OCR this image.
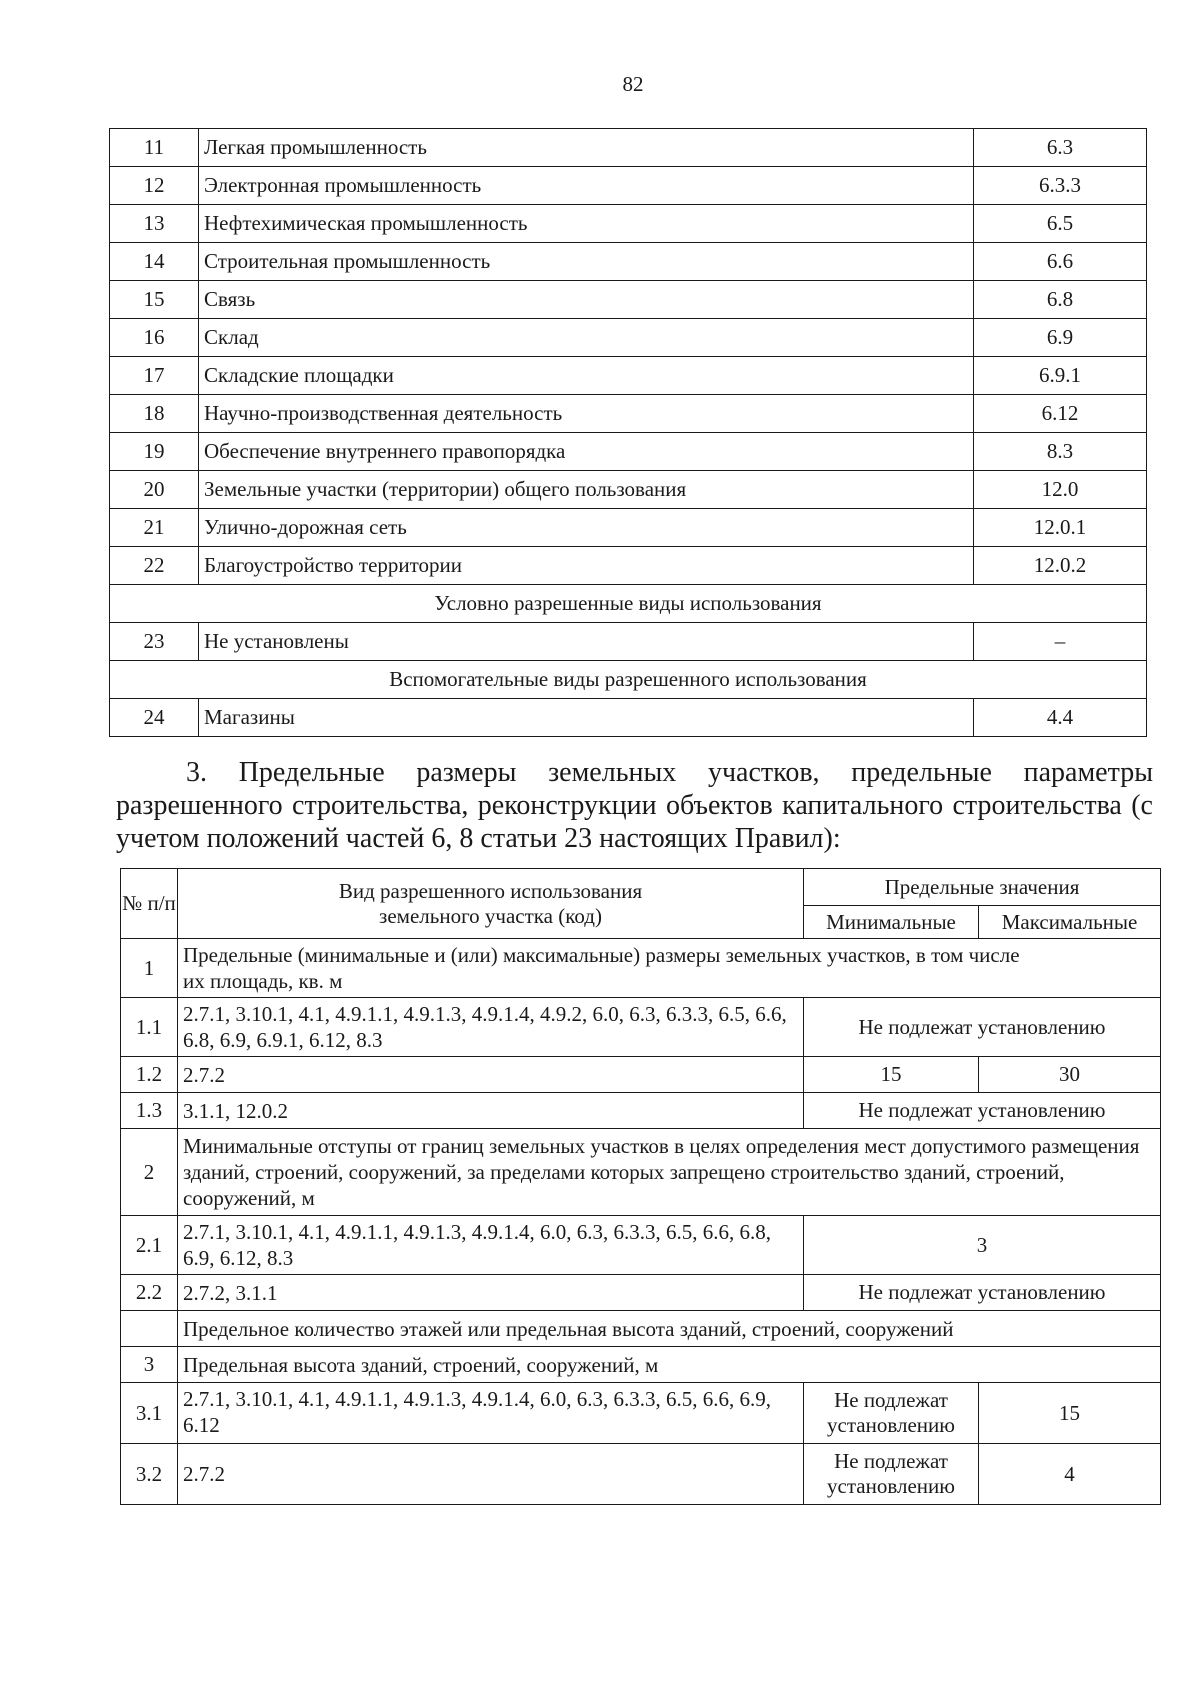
82
11	Легкая промышленность	6.3
12	Электронная промышленность	6.3.3
13	Нефтехимическая промышленность	6.5
14	Строительная промышленность	6.6
15	Связь	6.8
16	Склад	6.9
17	Складские площадки	6.9.1
18	Научно-производственная деятельность	6.12
19	Обеспечение внутреннего правопорядка	8.3
20	Земельные участки (территории) общего пользования	12.0
21	Улично-дорожная сеть	12.0.1
22	Благоустройство территории	12.0.2
Условно разрешенные виды использования		
23	Не установлены	–
Вспомогательные виды разрешенного использования		
24	Магазины	4.4

3. Предельные размеры земельных участков, предельные параметры разрешенного строительства, реконструкции объектов капитального строительства (с учетом положений частей 6, 8 статьи 23 настоящих Правил):

№ п/п	Вид разрешенного использования земельного участка (код)	Предельные значения	
		Минимальные	Максимальные
1	Предельные (минимальные и (или) максимальные) размеры земельных участков, в том числе их площадь, кв. м		

1.1	2.7.1, 3.10.1, 4.1, 4.9.1.1, 4.9.1.3, 4.9.1.4, 4.9.2, 6.0, 6.3, 6.3.3, 6.5, 6.6, 6.8, 6.9, 6.9.1, 6.12, 8.3	Не подлежат установлению	
1.2	2.7.2	15	30
1.3	3.1.1, 12.0.2	Не подлежат установлению	
2	Минимальные отступы от границ земельных участков в целях определения мест допустимого размещения зданий, строений, сооружений, за пределами которых запрещено строительство зданий, строений, сооружений, м		
2.1	2.7.1, 3.10.1, 4.1, 4.9.1.1, 4.9.1.3, 4.9.1.4, 6.0, 6.3, 6.3.3, 6.5, 6.6, 6.8, 6.9, 6.12, 8.3	3	
2.2	2.7.2, 3.1.1	Не подлежат установлению	
	Предельное количество этажей или предельная высота зданий, строений, сооружений		
3	Предельная высота зданий, строений, сооружений, м		
3.1	2.7.1, 3.10.1, 4.1, 4.9.1.1, 4.9.1.3, 4.9.1.4, 6.0, 6.3, 6.3.3, 6.5, 6.6, 6.9, 6.12	Не подлежат установлению	15
3.2	2.7.2	Не подлежат установлению	4
